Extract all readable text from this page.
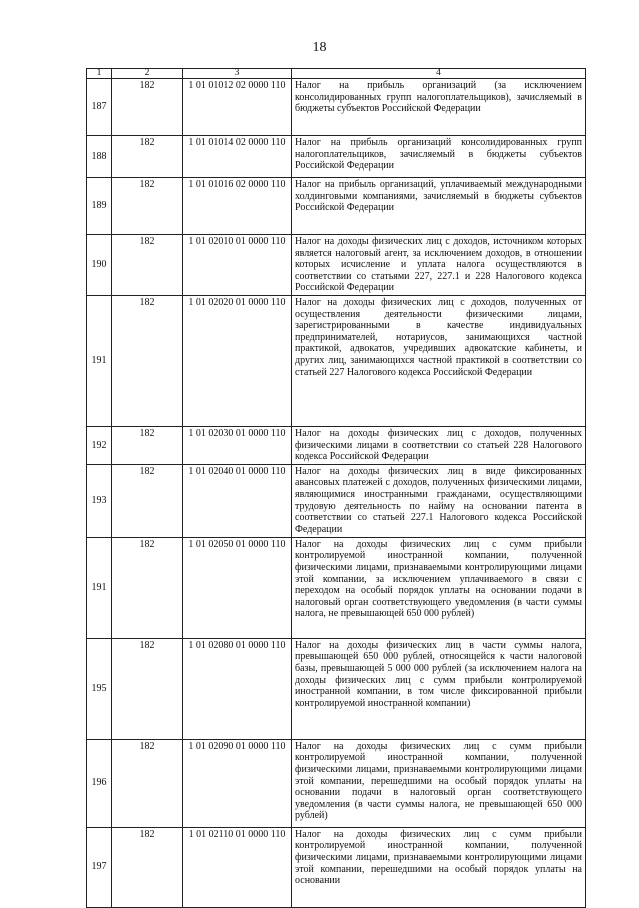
18
1	2	3	4
187	182	1 01 01012 02 0000 110	Налог на прибыль организаций (за исключением консолидированных групп налогоплательщиков), зачисляемый в бюджеты субъектов Российской Федерации
188	182	1 01 01014 02 0000 110	Налог на прибыль организаций консолидированных групп налогоплательщиков, зачисляемый в бюджеты субъектов Российской Федерации
189	182	1 01 01016 02 0000 110	Налог на прибыль организаций, уплачиваемый международными холдинговыми компаниями, зачисляемый в бюджеты субъектов Российской Федерации
190	182	1 01 02010 01 0000 110	Налог на доходы физических лиц с доходов, источником которых является налоговый агент, за исключением доходов, в отношении которых исчисление и уплата налога осуществляются в соответствии со статьями 227, 227.1 и 228 Налогового кодекса Российской Федерации
191	182	1 01 02020 01 0000 110	Налог на доходы физических лиц с доходов, полученных от осуществления деятельности физическими лицами, зарегистрированными в качестве индивидуальных предпринимателей, нотариусов, занимающихся частной практикой, адвокатов, учредивших адвокатские кабинеты, и других лиц, занимающихся частной практикой в соответствии со статьей 227 Налогового кодекса Российской Федерации
192	182	1 01 02030 01 0000 110	Налог на доходы физических лиц с доходов, полученных физическими лицами в соответствии со статьей 228 Налогового кодекса Российской Федерации
193	182	1 01 02040 01 0000 110	Налог на доходы физических лиц в виде фиксированных авансовых платежей с доходов, полученных физическими лицами, являющимися иностранными гражданами, осуществляющими трудовую деятельность по найму на основании патента в соответствии со статьей 227.1 Налогового кодекса Российской Федерации
191	182	1 01 02050 01 0000 110	Налог на доходы физических лиц с сумм прибыли контролируемой иностранной компании, полученной физическими лицами, признаваемыми контролирующими лицами этой компании, за исключением уплачиваемого в связи с переходом на особый порядок уплаты на основании подачи в налоговый орган соответствующего уведомления (в части суммы налога, не превышающей 650 000 рублей)
195	182	1 01 02080 01 0000 110	Налог на доходы физических лиц в части суммы налога, превышающей 650 000 рублей, относящейся к части налоговой базы, превышающей 5 000 000 рублей (за исключением налога на доходы физических лиц с сумм прибыли контролируемой иностранной компании, в том числе фиксированной прибыли контролируемой иностранной компании)
196	182	1 01 02090 01 0000 110	Налог на доходы физических лиц с сумм прибыли контролируемой иностранной компании, полученной физическими лицами, признаваемыми контролирующими лицами этой компании, перешедшими на особый порядок уплаты на основании подачи в налоговый орган соответствующего уведомления (в части суммы налога, не превышающей 650 000 рублей)
197	182	1 01 02110 01 0000 110	Налог на доходы физических лиц с сумм прибыли контролируемой иностранной компании, полученной физическими лицами, признаваемыми контролирующими лицами этой компании, перешедшими на особый порядок уплаты на основании
